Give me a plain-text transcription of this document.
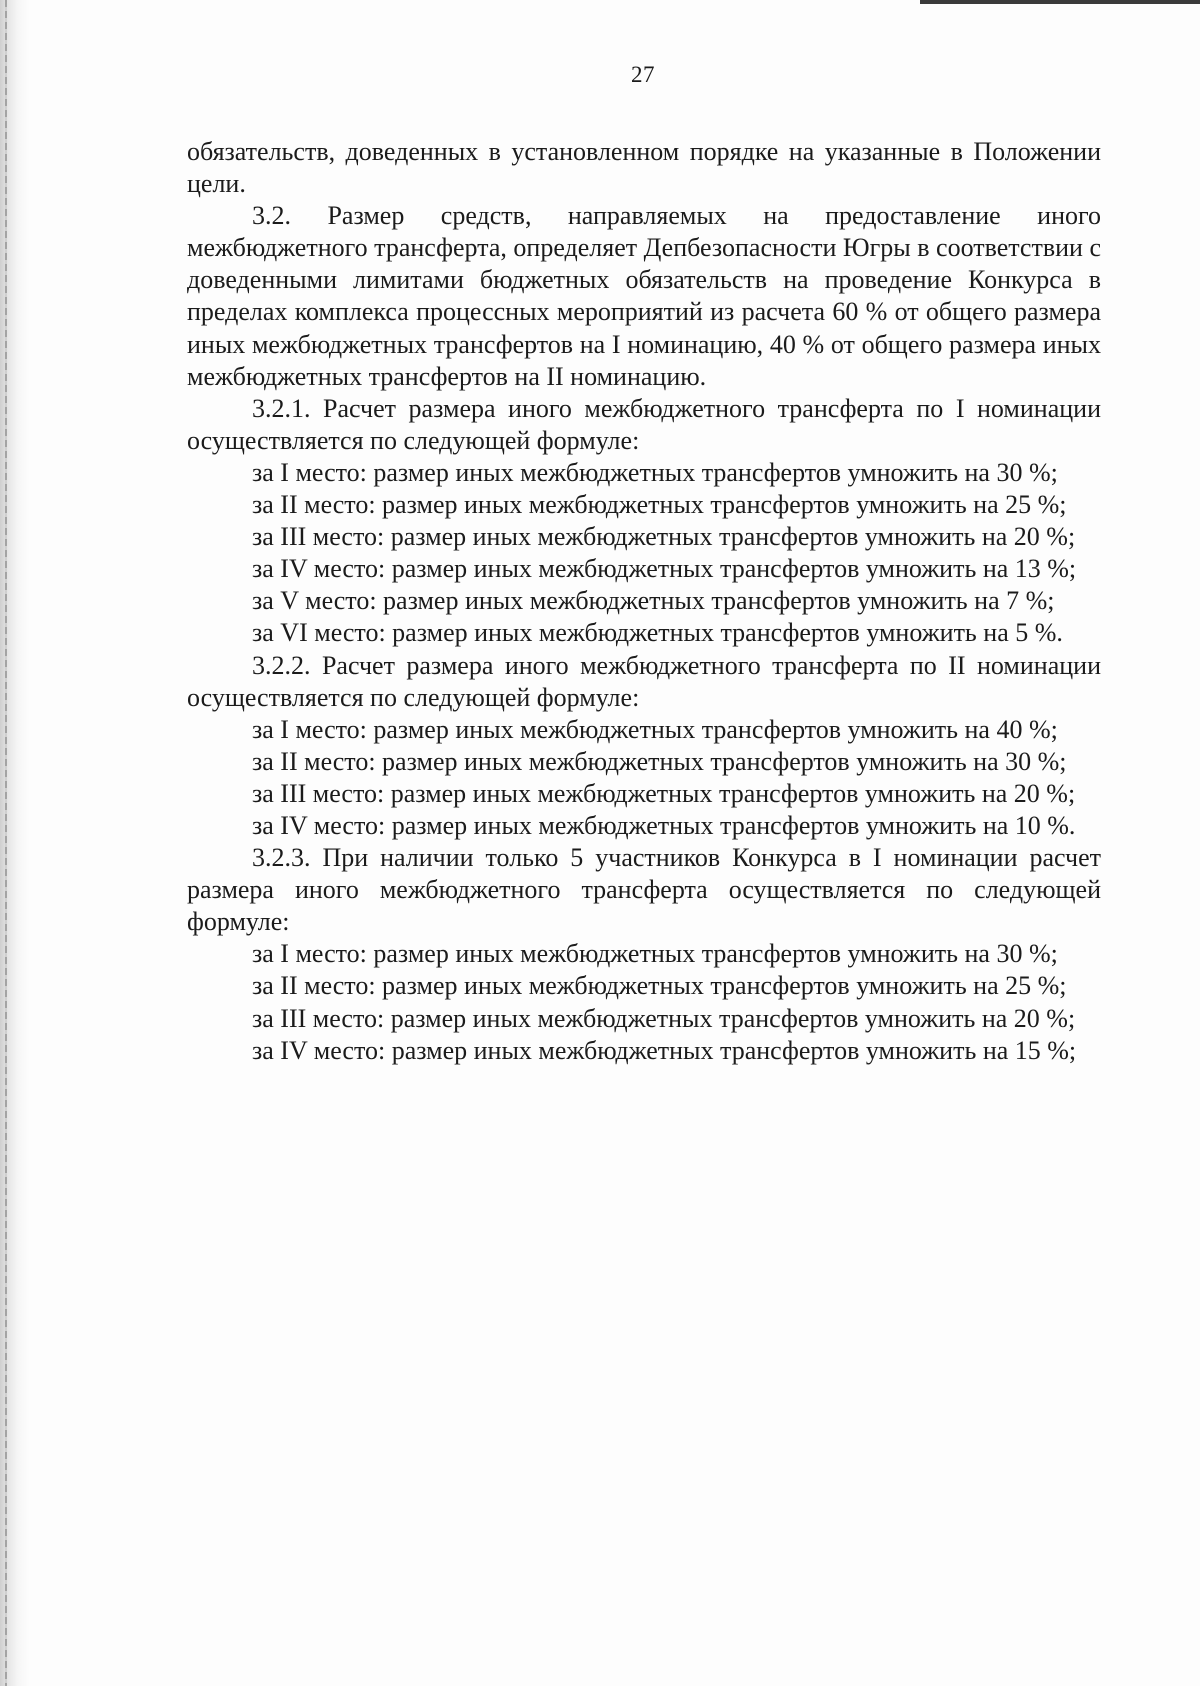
27

обязательств, доведенных в установленном порядке на указанные в Положении цели.

3.2. Размер средств, направляемых на предоставление иного межбюджетного трансферта, определяет Депбезопасности Югры в соответствии с доведенными лимитами бюджетных обязательств на проведение Конкурса в пределах комплекса процессных мероприятий из расчета 60 % от общего размера иных межбюджетных трансфертов на I номинацию, 40 % от общего размера иных межбюджетных трансфертов на II номинацию.

3.2.1. Расчет размера иного межбюджетного трансферта по I номинации осуществляется по следующей формуле:

за I место: размер иных межбюджетных трансфертов умножить на 30 %;

за II место: размер иных межбюджетных трансфертов умножить на 25 %;

за III место: размер иных межбюджетных трансфертов умножить на 20 %;

за IV место: размер иных межбюджетных трансфертов умножить на 13 %;

за V место: размер иных межбюджетных трансфертов умножить на 7 %;

за VI место: размер иных межбюджетных трансфертов умножить на 5 %.

3.2.2. Расчет размера иного межбюджетного трансферта по II номинации осуществляется по следующей формуле:

за I место: размер иных межбюджетных трансфертов умножить на 40 %;

за II место: размер иных межбюджетных трансфертов умножить на 30 %;

за III место: размер иных межбюджетных трансфертов умножить на 20 %;

за IV место: размер иных межбюджетных трансфертов умножить на 10 %.

3.2.3. При наличии только 5 участников Конкурса в I номинации расчет размера иного межбюджетного трансферта осуществляется по следующей формуле:

за I место: размер иных межбюджетных трансфертов умножить на 30 %;

за II место: размер иных межбюджетных трансфертов умножить на 25 %;

за III место: размер иных межбюджетных трансфертов умножить на 20 %;

за IV место: размер иных межбюджетных трансфертов умножить на 15 %;
